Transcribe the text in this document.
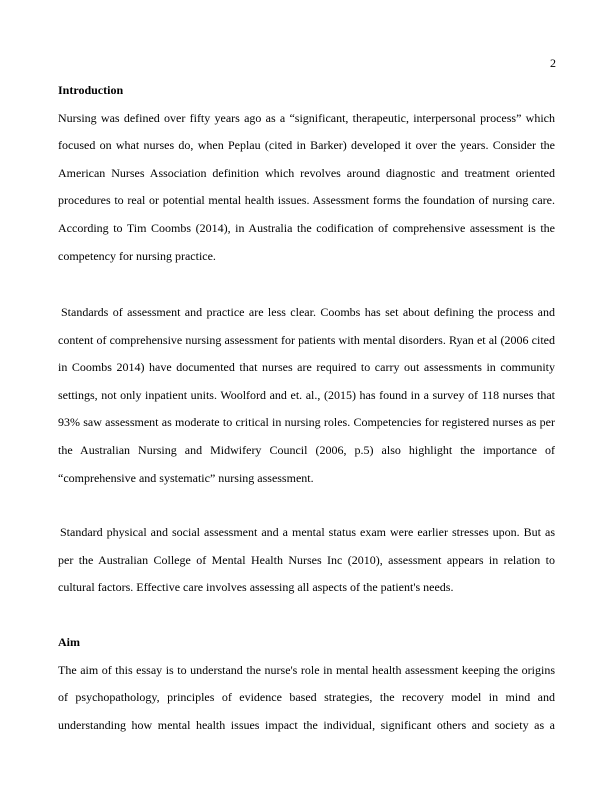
2
Introduction
Nursing was defined over fifty years ago as a “significant, therapeutic, interpersonal process” which
focused on what nurses do, when Peplau (cited in Barker) developed it over the years. Consider the
American Nurses Association definition which revolves around diagnostic and treatment oriented
procedures to real or potential mental health issues. Assessment forms the foundation of nursing care.
According to Tim Coombs (2014), in Australia the codification of comprehensive assessment is the
competency for nursing practice.
Standards of assessment and practice are less clear. Coombs has set about defining the process and
content of comprehensive nursing assessment for patients with mental disorders. Ryan et al (2006 cited
in Coombs 2014) have documented that nurses are required to carry out assessments in community
settings, not only inpatient units. Woolford and et. al., (2015) has found in a survey of 118 nurses that
93% saw assessment as moderate to critical in nursing roles. Competencies for registered nurses as per
the Australian Nursing and Midwifery Council (2006, p.5) also highlight the importance of
“comprehensive and systematic” nursing assessment.
Standard physical and social assessment and a mental status exam were earlier stresses upon. But as
per the Australian College of Mental Health Nurses Inc (2010), assessment appears in relation to
cultural factors. Effective care involves assessing all aspects of the patient's needs.
Aim
The aim of this essay is to understand the nurse's role in mental health assessment keeping the origins
of psychopathology, principles of evidence based strategies, the recovery model in mind and
understanding how mental health issues impact the individual, significant others and society as a
